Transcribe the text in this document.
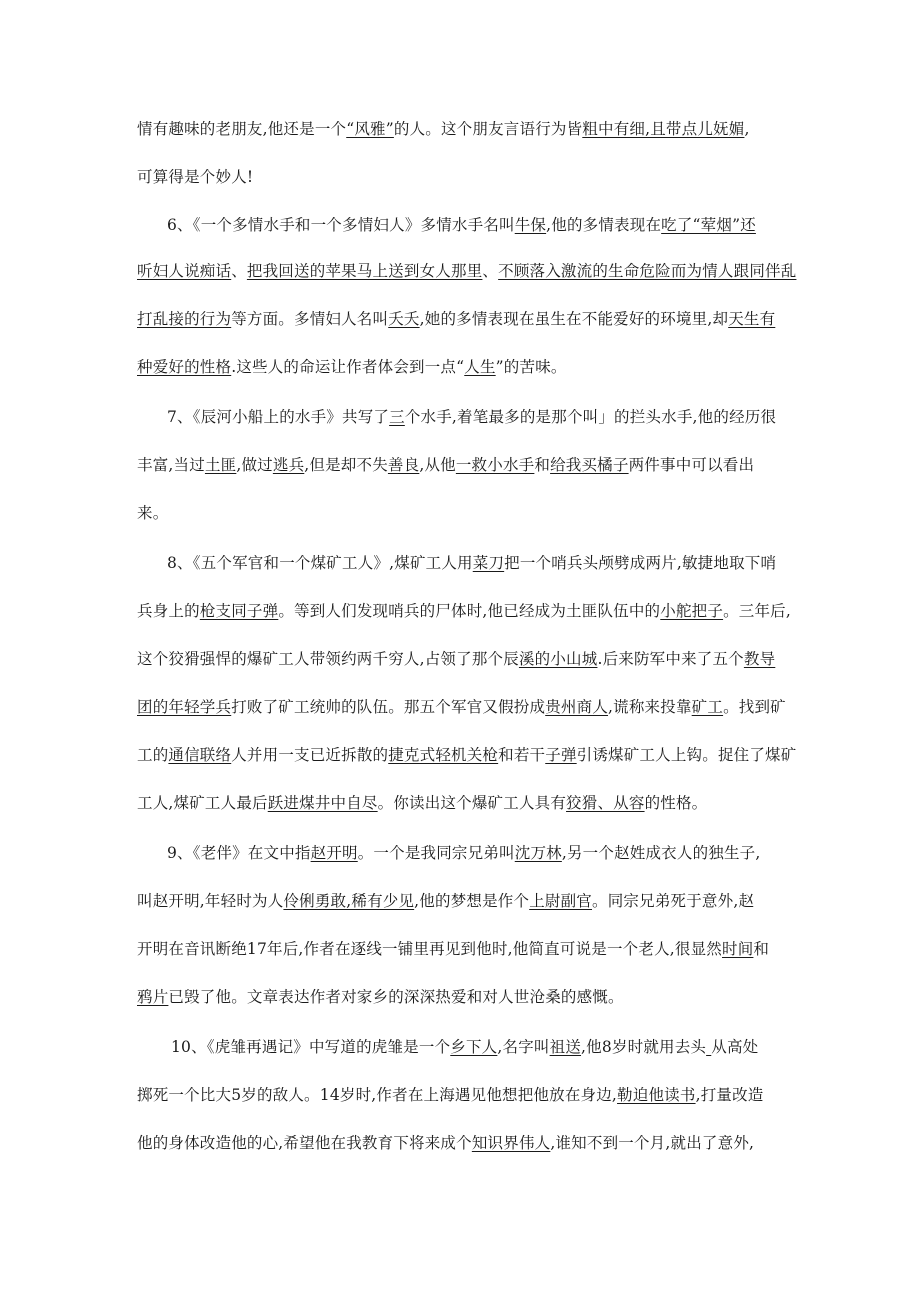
情有趣味的老朋友,他还是一个“风雅”的人。这个朋友言语行为皆粗中有细,且带点儿妩媚,
可算得是个妙人!
6、《一个多情水手和一个多情妇人》多情水手名叫牛保,他的多情表现在吃了“荤烟”还
听妇人说痴话、把我回送的苹果马上送到女人那里、不顾落入激流的生命危险而为情人跟同伴乱
打乱接的行为等方面。多情妇人名叫夭夭,她的多情表现在虽生在不能爱好的环境里,却天生有
种爱好的性格.这些人的命运让作者体会到一点“人生”的苦味。
7、《辰河小船上的水手》共写了三个水手,着笔最多的是那个叫」的拦头水手,他的经历很
丰富,当过土匪,做过逃兵,但是却不失善良,从他一救小水手和给我买橘子两件事中可以看出
来。
8、《五个军官和一个煤矿工人》,煤矿工人用菜刀把一个哨兵头颅劈成两片,敏捷地取下哨
兵身上的枪支同子弹。等到人们发现哨兵的尸体时,他已经成为土匪队伍中的小舵把子。三年后,
这个狡猾强悍的爆矿工人带领约两千穷人,占领了那个辰溪的小山城.后来防军中来了五个教导
团的年轻学兵打败了矿工统帅的队伍。那五个军官又假扮成贵州商人,谎称来投靠矿工。找到矿
工的通信联络人并用一支已近拆散的捷克式轻机关枪和若干子弹引诱煤矿工人上钩。捉住了煤矿
工人,煤矿工人最后跃进煤井中自尽。你读出这个爆矿工人具有狡猾、从容的性格。
9、《老伴》在文中指赵开明。一个是我同宗兄弟叫沈万林,另一个赵姓成衣人的独生子,
叫赵开明,年轻时为人伶俐勇敢,稀有少见,他的梦想是作个上尉副官。同宗兄弟死于意外,赵
开明在音讯断绝17年后,作者在逐线一铺里再见到他时,他简直可说是一个老人,很显然时间和
鸦片已毁了他。文章表达作者对家乡的深深热爱和对人世沧桑的感慨。
10、《虎雏再遇记》中写道的虎雏是一个乡下人,名字叫祖送,他8岁时就用去头 从高处
掷死一个比大5岁的敌人。14岁时,作者在上海遇见他想把他放在身边,勒迫他读书,打量改造
他的身体改造他的心,希望他在我教育下将来成个知识界伟人,谁知不到一个月,就出了意外,
